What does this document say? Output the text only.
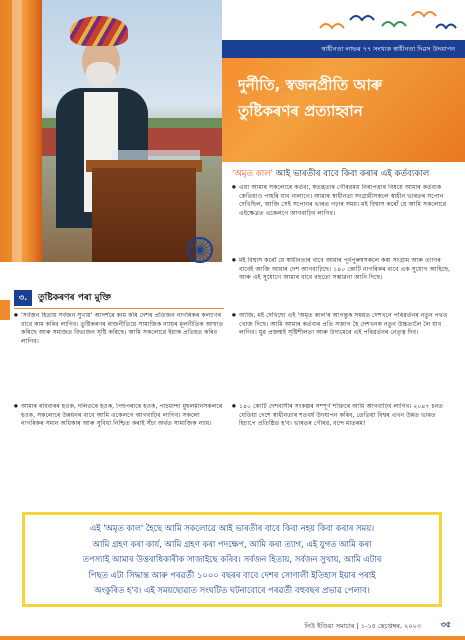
স্বাধীনতা লাভৰ ৭৭ সংখ্যক স্বাধীনতা দিৱস উদযাপন
দুৰ্নীতি, স্বজনপ্ৰীতি আৰু
তুষ্টিকৰণৰ প্ৰত্যাহ্বান
'অমৃত কাল' আই ভাৰতীৰ বাবে কিবা কৰাৰ এই কৰ্তব্যকাল
● এয়া আমাৰ সকলোৰে কৰ্তব্য, স্বতন্ত্ৰতাৰ গৌৰৱময় নিৰাপত্তাৰ বিষয়ে আমাৰ কৰ্তব্যক কেতিয়াও পাহৰি যাব নালাগে। আমাৰ স্বাধীনতা সংগ্ৰামীসকলে স্বাধীন ভাৰতৰ সপোন দেখিছিল, আজি সেই সপোনৰ ভাৰত গঢ়াৰ সময়। মই বিশ্বাস কৰোঁ যে আমি সকলোৱে এইক্ষেত্ৰত একেলগে আগবাঢ়িব লাগিব।
● মই বিশ্বাস কৰোঁ যে স্বাধীনতাৰ বাবে আমাৰ পূৰ্বপুৰুষসকলে কৰা সংগ্ৰাম আৰু ত্যাগৰ বাবেই আজি আমাৰ দেশ আগবাঢ়িছে। ১৪০ কোটি নাগৰিকৰ বাবে এক সুযোগ আহিছে, আৰু এই সুযোগে আমাৰ বাবে বহুতো সম্ভাৱনা আনি দিছে।
● আজি, মই দেখিছো এই 'অমৃত কাল'ৰ আগন্তুক সময়ত দেশখনে পৰিৱৰ্তনৰ নতুন পথত খোজ দিছে। আমি আমাৰ কৰ্তব্যৰ প্ৰতি সজাগ হৈ দেশখনক নতুন উচ্চতালৈ লৈ যাব লাগিব। যুৱ প্ৰজন্মই সৃষ্টিশীলতা আৰু উদ্যমেৰে এই পৰিৱৰ্তনৰ নেতৃত্ব দিব।
● ১৪০ কোটি দেশবাসীৰ সংকল্পৰ সম্পূৰ্ণ শক্তিৰে আমি আগবাঢ়িব লাগিব। ২০৪৭ চনত যেতিয়া দেশে স্বাধীনতাৰ শতবৰ্ষ উদযাপন কৰিব, তেতিয়া বিশ্বৰ এখন উন্নত ভাৰত হিচাপে প্ৰতিষ্ঠিত হ'ব। ভাৰতৰ গৌৰৱ, বন্দে মাতৰম!
৩.	তুষ্টিকৰণৰ পৰা মুক্তি
● 'সৰ্বজন হিতায় সৰ্বজন সুখায়' আদৰ্শৰে কাম কৰি দেশৰ প্ৰতিজন নাগৰিকৰ কল্যাণৰ বাবে কাম কৰিব লাগিব। তুষ্টিকৰণৰ ৰাজনীতিয়ে সামাজিক ন্যায়ৰ মূলনীতিক আঘাত কৰিছে আৰু সমাজত বিভাজন সৃষ্টি কৰিছে। আমি সকলোৱে ইয়াক প্ৰতিহত কৰিব লাগিব।
● আমাৰ ৰবিবাৰৰ হওক, দলিতৰে হওক, পিছপৰাৰে হওক, পাচমান্দা মুছলমানসকলৰে হওক, সকলোৰে উন্নয়নৰ বাবে আমি একেলগে আগবাঢ়িব লাগিব। সকলো নাগৰিকৰ সমান অধিকাৰ আৰু সুবিধা নিশ্চিত কৰাই সঁচা অৰ্থত সামাজিক ন্যায়।
এই 'অমৃত কাল' হৈছে আমি সকলোৱে আই ভাৰতীৰ বাবে কিবা নহয় কিবা কৰাৰ সময়।
আমি গ্ৰহণ কৰা কাৰ্য, আমি গ্ৰহণ কৰা পদক্ষেপ, আমি কৰা ত্যাগ, এই যুগত আমি কৰা
তপস্যাই আমাৰ উত্তৰাধিকাৰীক সাজাইছে কৰিব। সৰ্বজন হিতায়, সৰ্বজন সুখায়, আমি এটাৰ
পিছত এটা সিদ্ধান্ত আৰু পৰৱৰ্তী ১০০০ বছৰৰ বাবে দেশৰ সোণালী ইতিহাস ইয়াৰ পৰাই
অংকুৰিত হ'ব। এই সময়ছোৱাত সংঘটিত ঘটনাবোৰে পৰৱৰ্তী বহুবছৰ প্ৰভাৱ পেলাব।
নিউ ইণ্ডিয়া সমাচাৰ | ১-১৫ ছেপ্তেম্বৰ, ২০২৩	৩৫
